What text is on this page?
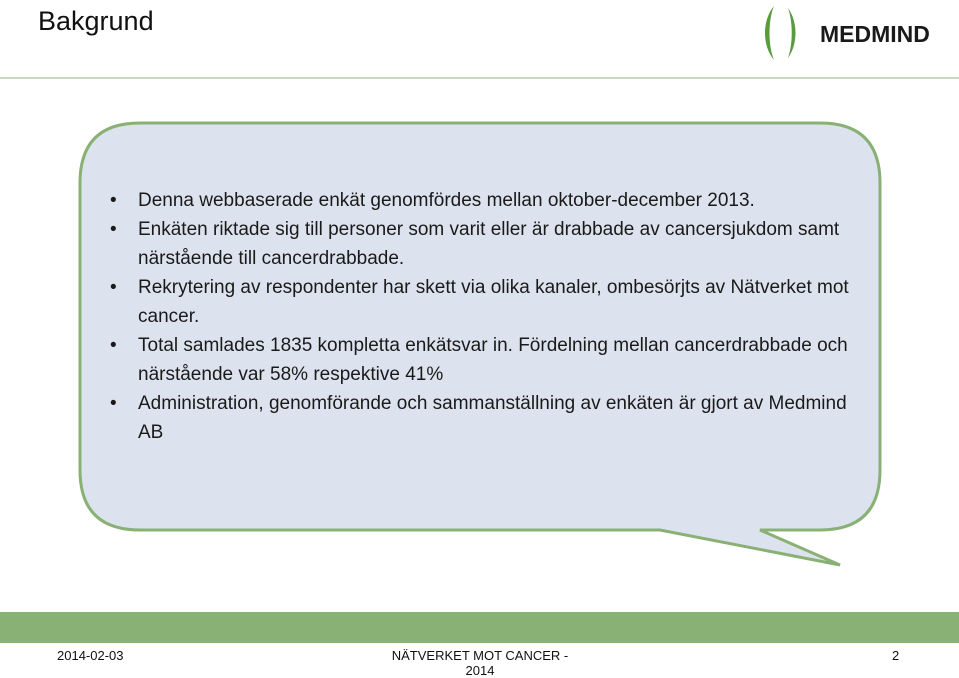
Bakgrund	MEDMIND
• Denna webbaserade enkät genomfördes mellan oktober-december 2013.
• Enkäten riktade sig till personer som varit eller är drabbade av cancersjukdom samt närstående till cancerdrabbade.
• Rekrytering av respondenter har skett via olika kanaler, ombesörjts av Nätverket mot cancer.
• Total samlades 1835 kompletta enkätsvar in. Fördelning mellan cancerdrabbade och närstående var 58% respektive 41%
• Administration, genomförande och sammanställning av enkäten är gjort av Medmind AB
2014-02-03	NÄTVERKET MOT CANCER - 2014
2
